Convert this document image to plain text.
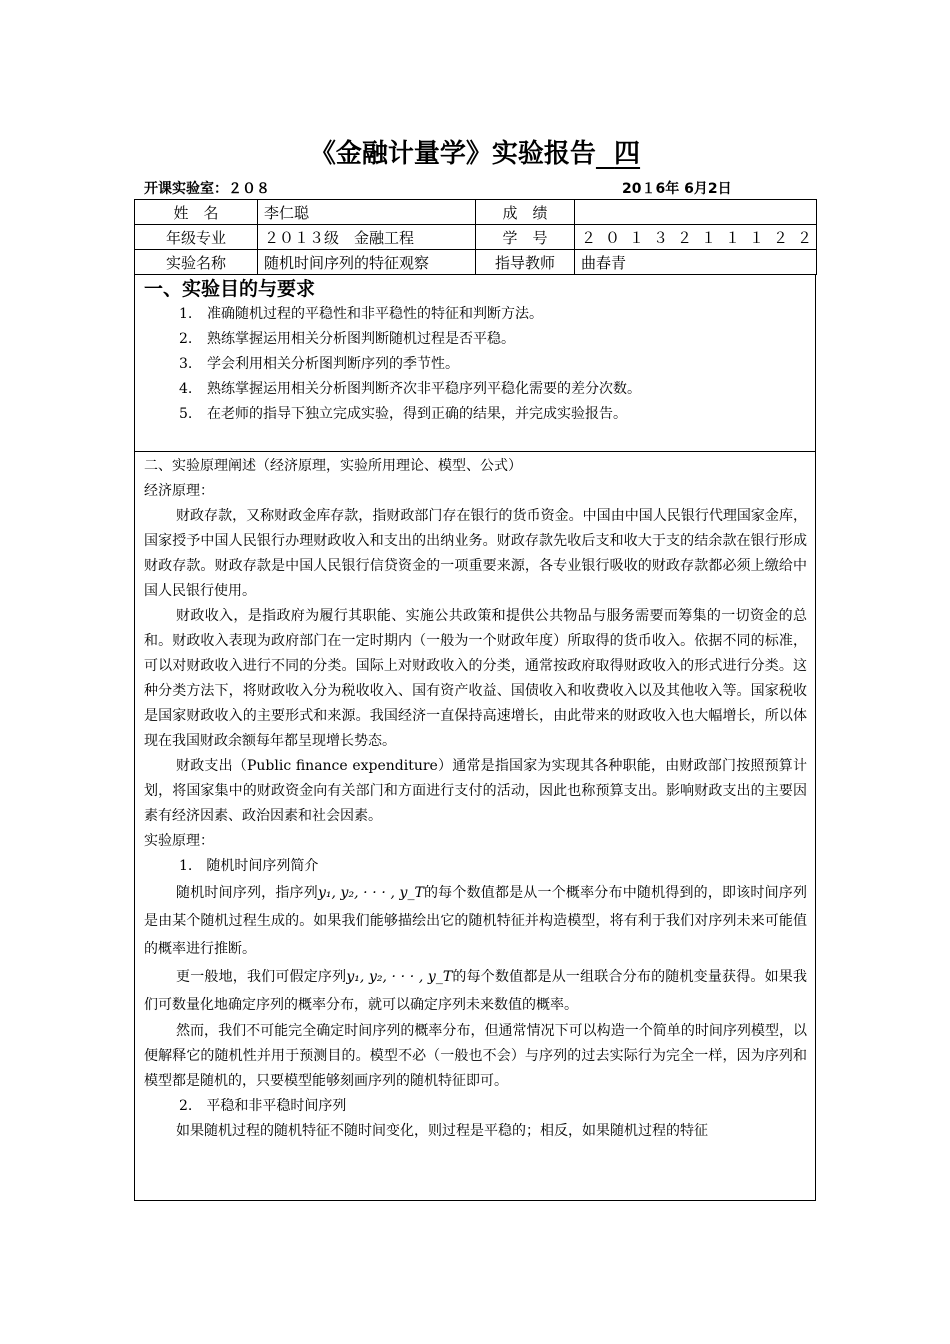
《金融计量学》实验报告 四
开课实验室：２０８	20１6年 6月2日
姓　名	李仁聪	成　绩	
年级专业	２０１３级　金融工程	学　号	２０１３２１１１２２
实验名称	随机时间序列的特征观察	指导教师	曲春青
一、实验目的与要求
1. 准确随机过程的平稳性和非平稳性的特征和判断方法。
2. 熟练掌握运用相关分析图判断随机过程是否平稳。
3. 学会利用相关分析图判断序列的季节性。
4. 熟练掌握运用相关分析图判断齐次非平稳序列平稳化需要的差分次数。
5. 在老师的指导下独立完成实验，得到正确的结果，并完成实验报告。
二、实验原理阐述（经济原理，实验所用理论、模型、公式）
经济原理：
财政存款，又称财政金库存款，指财政部门存在银行的货币资金。中国由中国人民银行代理国家金库，国家授予中国人民银行办理财政收入和支出的出纳业务。财政存款先收后支和收大于支的结余款在银行形成财政存款。财政存款是中国人民银行信贷资金的一项重要来源，各专业银行吸收的财政存款都必须上缴给中国人民银行使用。
财政收入，是指政府为履行其职能、实施公共政策和提供公共物品与服务需要而筹集的一切资金的总和。财政收入表现为政府部门在一定时期内（一般为一个财政年度）所取得的货币收入。依据不同的标准，可以对财政收入进行不同的分类。国际上对财政收入的分类，通常按政府取得财政收入的形式进行分类。这种分类方法下，将财政收入分为税收收入、国有资产收益、国债收入和收费收入以及其他收入等。国家税收是国家财政收入的主要形式和来源。我国经济一直保持高速增长，由此带来的财政收入也大幅增长，所以体现在我国财政余额每年都呈现增长势态。
财政支出（Public finance expenditure）通常是指国家为实现其各种职能，由财政部门按照预算计划，将国家集中的财政资金向有关部门和方面进行支付的活动，因此也称预算支出。影响财政支出的主要因素有经济因素、政治因素和社会因素。
实验原理：
1. 随机时间序列简介
随机时间序列，指序列y₁, y₂, · · · , y_T的每个数值都是从一个概率分布中随机得到的，即该时间序列是由某个随机过程生成的。如果我们能够描绘出它的随机特征并构造模型，将有利于我们对序列未来可能值的概率进行推断。
更一般地，我们可假定序列y₁, y₂, · · · , y_T的每个数值都是从一组联合分布的随机变量获得。如果我们可数量化地确定序列的概率分布，就可以确定序列未来数值的概率。
然而，我们不可能完全确定时间序列的概率分布，但通常情况下可以构造一个简单的时间序列模型，以便解释它的随机性并用于预测目的。模型不必（一般也不会）与序列的过去实际行为完全一样，因为序列和模型都是随机的，只要模型能够刻画序列的随机特征即可。
2. 平稳和非平稳时间序列
如果随机过程的随机特征不随时间变化，则过程是平稳的；相反，如果随机过程的特征
